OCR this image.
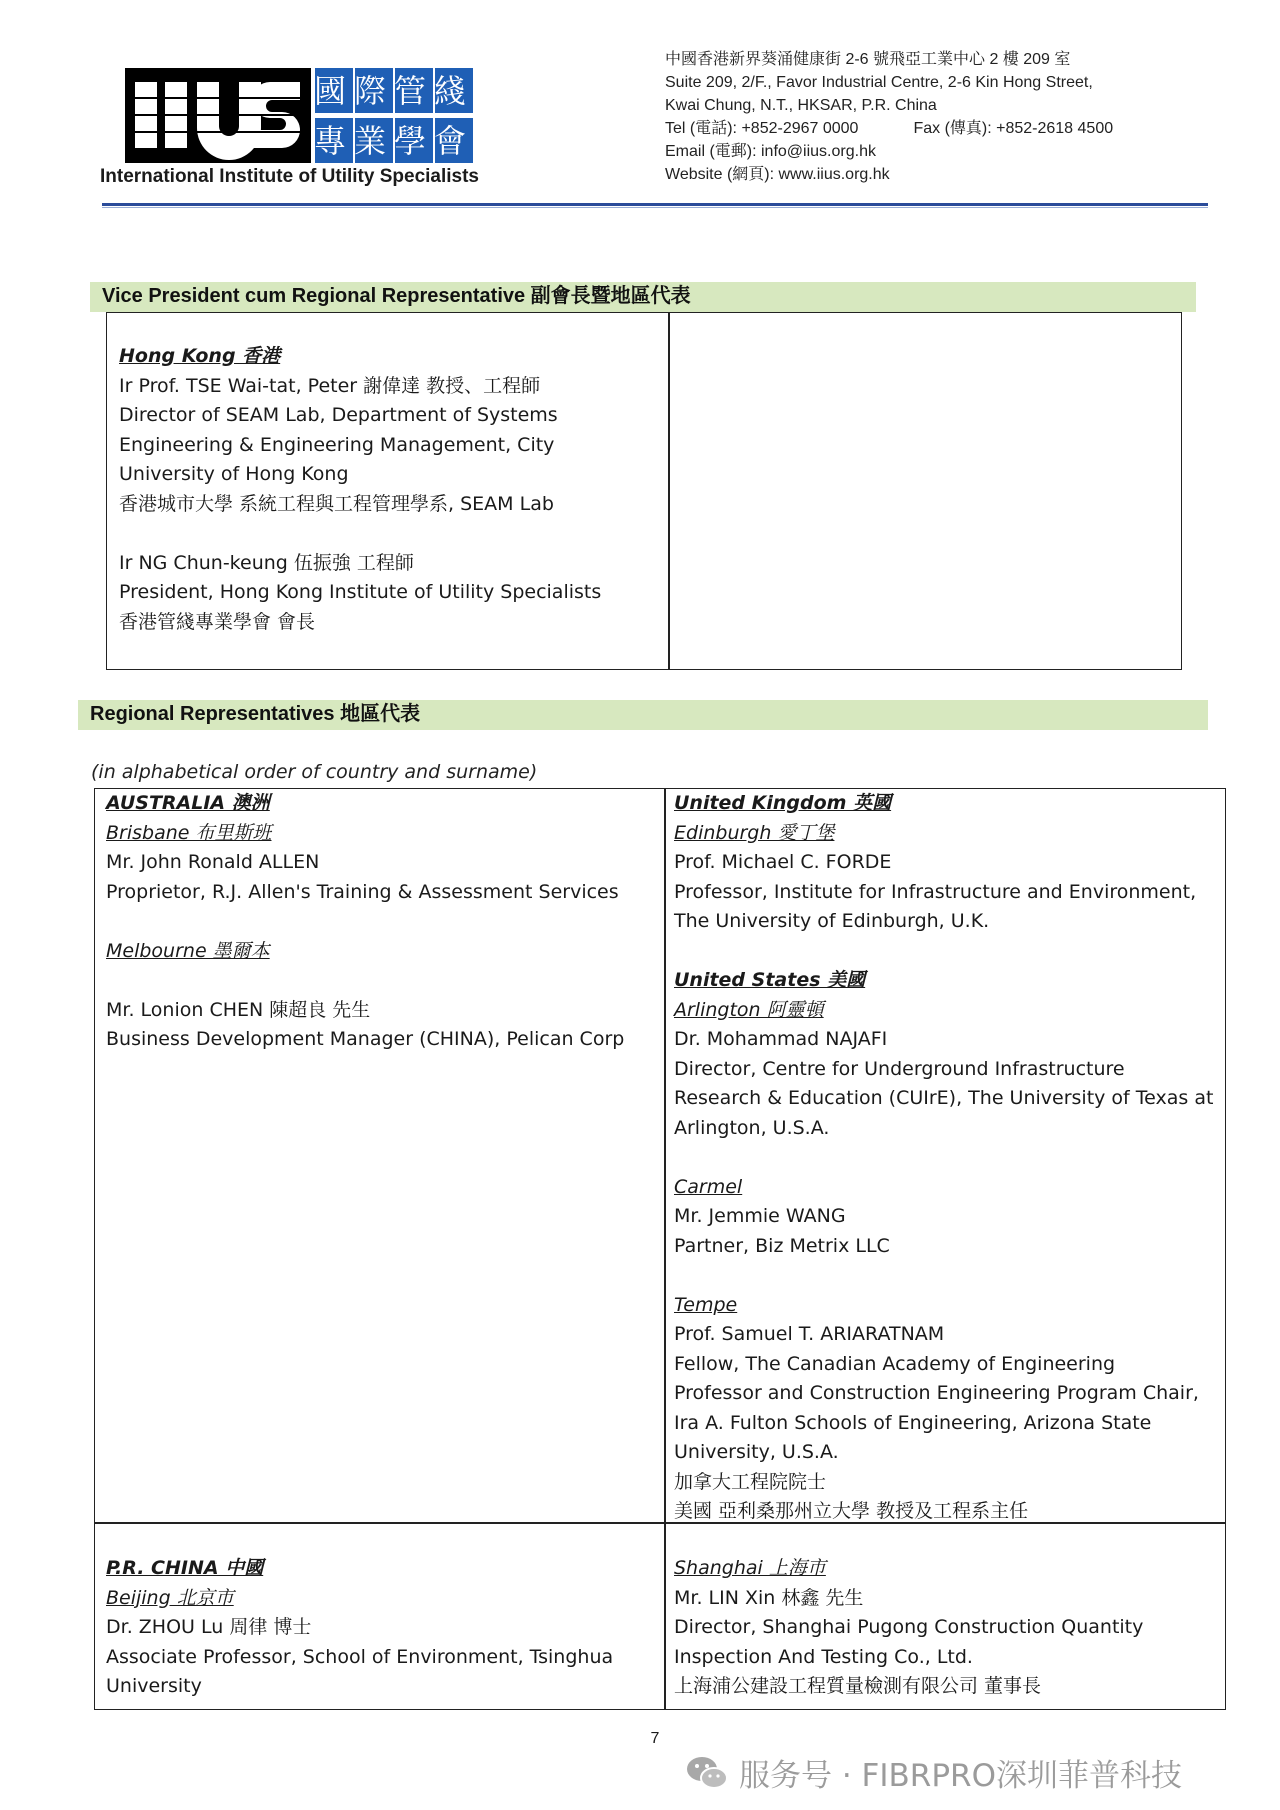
國際管綫
專業學會
International Institute of Utility Specialists
中國香港新界葵涌健康街 2-6 號飛亞工業中心 2 樓 209 室
Suite 209, 2/F., Favor Industrial Centre, 2-6 Kin Hong Street,
Kwai Chung, N.T., HKSAR, P.R. China
Tel (電話): +852-2967 0000	Fax (傳真): +852-2618 4500
Email (電郵): info@iius.org.hk
Website (網頁): www.iius.org.hk
Vice President cum Regional Representative 副會長暨地區代表
Hong Kong 香港
Ir Prof. TSE Wai-tat, Peter 謝偉達 教授、工程師
Director of SEAM Lab, Department of Systems
Engineering & Engineering Management, City
University of Hong Kong
香港城市大學 系統工程與工程管理學系, SEAM Lab
Ir NG Chun-keung 伍振強 工程師
President, Hong Kong Institute of Utility Specialists
香港管綫專業學會 會長
Regional Representatives 地區代表
(in alphabetical order of country and surname)
AUSTRALIA 澳洲
Brisbane 布里斯班
Mr. John Ronald ALLEN
Proprietor, R.J. Allen's Training & Assessment Services
Melbourne 墨爾本
Mr. Lonion CHEN 陳超良 先生
Business Development Manager (CHINA), Pelican Corp
United Kingdom 英國
Edinburgh 愛丁堡
Prof. Michael C. FORDE
Professor, Institute for Infrastructure and Environment,
The University of Edinburgh, U.K.
United States 美國
Arlington 阿靈頓
Dr. Mohammad NAJAFI
Director, Centre for Underground Infrastructure
Research & Education (CUIrE), The University of Texas at
Arlington, U.S.A.
Carmel
Mr. Jemmie WANG
Partner, Biz Metrix LLC
Tempe
Prof. Samuel T. ARIARATNAM
Fellow, The Canadian Academy of Engineering
Professor and Construction Engineering Program Chair,
Ira A. Fulton Schools of Engineering, Arizona State
University, U.S.A.
加拿大工程院院士
美國 亞利桑那州立大學 教授及工程系主任
P.R. CHINA 中國
Beijing 北京市
Dr. ZHOU Lu 周律 博士
Associate Professor, School of Environment, Tsinghua
University
Shanghai 上海市
Mr. LIN Xin 林鑫 先生
Director, Shanghai Pugong Construction Quantity
Inspection And Testing Co., Ltd.
上海浦公建設工程質量檢測有限公司 董事長
7
服务号 · FIBRPRO深圳菲普科技
